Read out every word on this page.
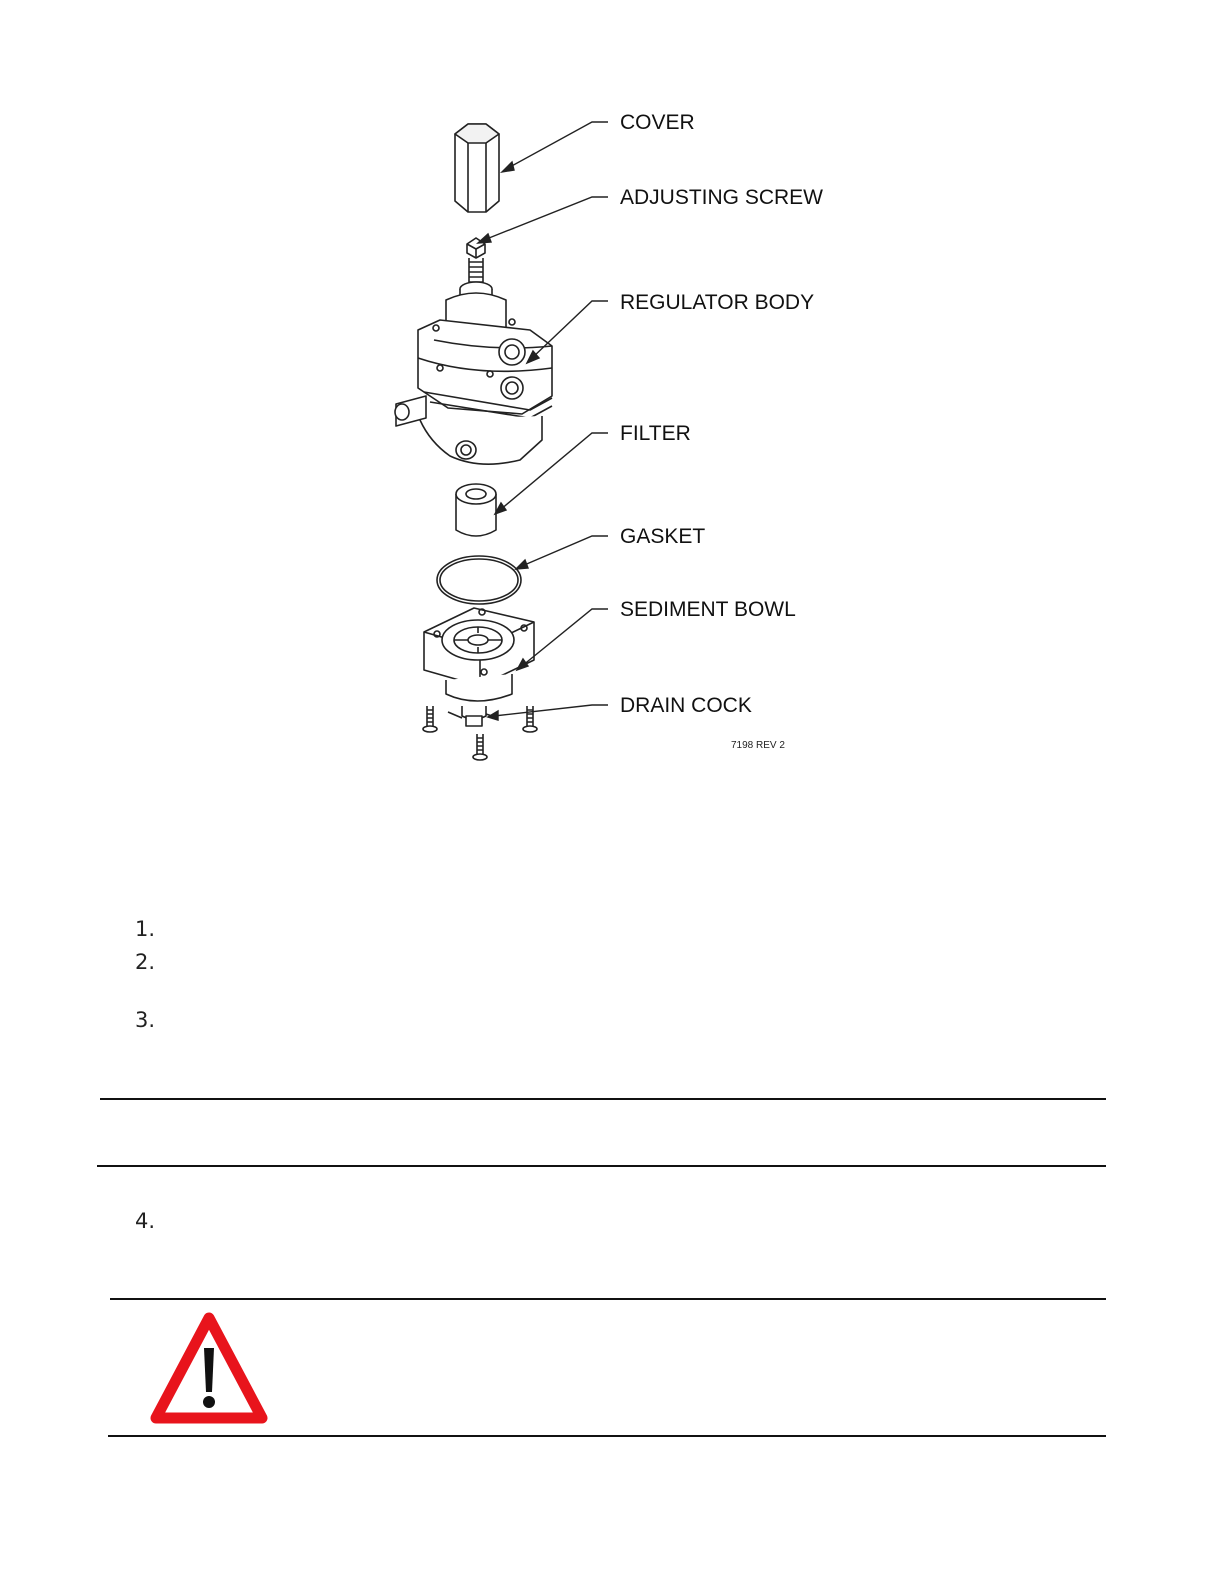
COVER
ADJUSTING SCREW
REGULATOR BODY
FILTER
GASKET
SEDIMENT BOWL
DRAIN COCK
7198 REV 2

1.

2.

3.

4.
